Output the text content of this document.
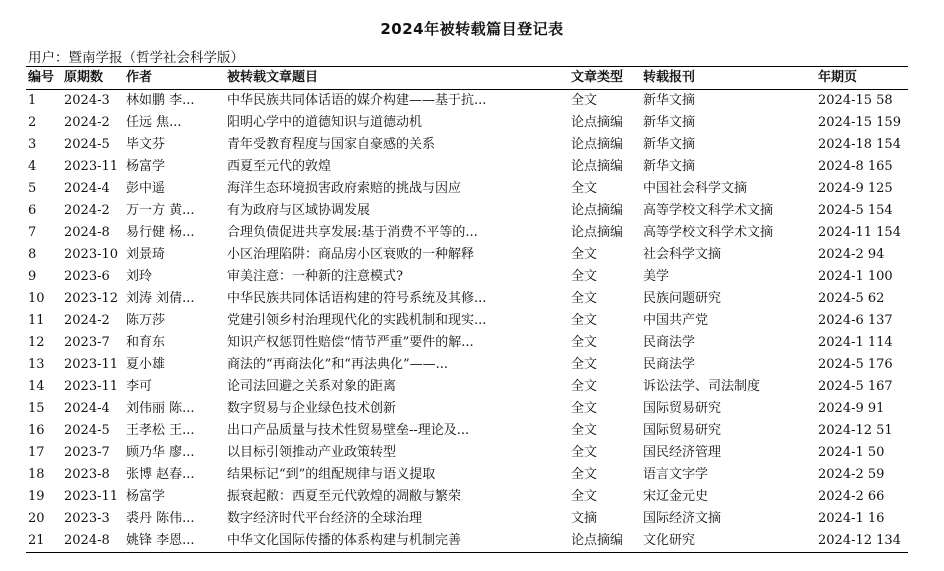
2024年被转载篇目登记表
用户：暨南学报（哲学社会科学版）
编号 原期数	作者	被转载文章题目	文章类型	转载报刊	年期页
1	2024-3	林如鹏 李...	中华民族共同体话语的媒介构建——基于抗...	全文	新华文摘	2024-15 58
2	2024-2	任远 焦...	阳明心学中的道德知识与道德动机	论点摘编	新华文摘	2024-15 159
3	2024-5	毕文芬	青年受教育程度与国家自豪感的关系	论点摘编	新华文摘	2024-18 154
4	2023-11 杨富学	西夏至元代的敦煌	论点摘编	新华文摘	2024-8 165
5	2024-4	彭中遥	海洋生态环境损害政府索赔的挑战与因应	全文	中国社会科学文摘	2024-9 125
6	2024-2	万一方 黄...	有为政府与区域协调发展	论点摘编	高等学校文科学术文摘	2024-5 154
7	2024-8	易行健 杨...	合理负债促进共享发展:基于消费不平等的...	论点摘编	高等学校文科学术文摘	2024-11 154
8	2023-10 刘景琦	小区治理陷阱：商品房小区衰败的一种解释	全文	社会科学文摘	2024-2 94
9	2023-6	刘玲	审美注意：一种新的注意模式?	全文	美学	2024-1 100
10	2023-12 刘涛 刘倩...	中华民族共同体话语构建的符号系统及其修...	全文	民族问题研究	2024-5 62
11	2024-2	陈万莎	党建引领乡村治理现代化的实践机制和现实...	全文	中国共产党	2024-6 137
12	2023-7	和育东	知识产权惩罚性赔偿“情节严重”要件的解...	全文	民商法学	2024-1 114
13	2023-11 夏小雄	商法的“再商法化”和“再法典化”——...	全文	民商法学	2024-5 176
14	2023-11 李可	论司法回避之关系对象的距离	全文	诉讼法学、司法制度	2024-5 167
15	2024-4	刘伟丽 陈...	数字贸易与企业绿色技术创新	全文	国际贸易研究	2024-9 91
16	2024-5	王孝松 王...	出口产品质量与技术性贸易壁垒--理论及...	全文	国际贸易研究	2024-12 51
17	2023-7	顾乃华 廖...	以目标引领推动产业政策转型	全文	国民经济管理	2024-1 50
18	2023-8	张博 赵春...	结果标记“到”的组配规律与语义提取	全文	语言文字学	2024-2 59
19	2023-11 杨富学	振衰起敝：西夏至元代敦煌的凋敝与繁荣	全文	宋辽金元史	2024-2 66
20	2023-3	裘丹 陈伟...	数字经济时代平台经济的全球治理	文摘	国际经济文摘	2024-1 16
21	2024-8	姚锋 李恩...	中华文化国际传播的体系构建与机制完善	论点摘编	文化研究	2024-12 134
